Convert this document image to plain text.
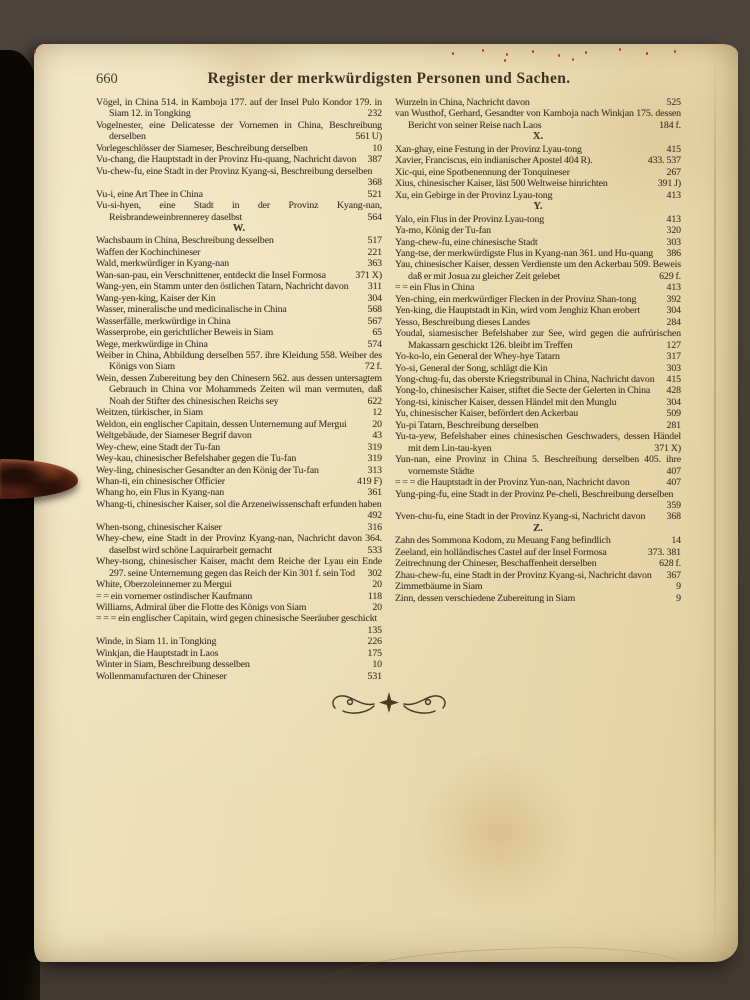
660	Register der merkwürdigsten Personen und Sachen.
Vögel, in China 514. in Kamboja 177. auf der Insel Pulo Kondor 179. in Siam 12. in Tongking	232
Vogelnester, eine Delicatesse der Vornemen in China, Beschreibung derselben	561 U)
Vorlegeschlösser der Siameser, Beschreibung derselben	10
Vu-chang, die Hauptstadt in der Provinz Hu-quang, Nachricht davon	387
Vu-chew-fu, eine Stadt in der Provinz Kyang-si, Beschreibung derselben
368
Vu-i, eine Art Thee in China	521
Vu-si-hyen, eine Stadt in der Provinz Kyang-nan, Reisbrandeweinbrennerey daselbst	564
W.
Wachsbaum in China, Beschreibung desselben	517
Waffen der Kochinchineser	221
Wald, merkwürdiger in Kyang-nan	363
Wan-san-pau, ein Verschnittener, entdeckt die Insel Formosa	371 X)
Wang-yen, ein Stamm unter den östlichen Tatarn, Nachricht davon	311
Wang-yen-king, Kaiser der Kin	304
Wasser, mineralische und medicinalische in China	568
Wasserfälle, merkwürdige in China	567
Wasserprobe, ein gerichtlicher Beweis in Siam	65
Wege, merkwürdige in China	574
Weiber in China, Abbildung derselben 557. ihre Kleidung 558. Weiber des Königs von Siam	72 f.
Wein, dessen Zubereitung bey den Chinesern 562. aus dessen untersagtem Gebrauch in China vor Mohammeds Zeiten wil man vermuten, daß Noah der Stifter des chinesischen Reichs sey	622
Weitzen, türkischer, in Siam	12
Weldon, ein englischer Capitain, dessen Unternemung auf Mergui	20
Weltgebäude, der Siameser Begrif davon	43
Wey-chew, eine Stadt der Tu-fan	319
Wey-kau, chinesischer Befelshaber gegen die Tu-fan	319
Wey-ling, chinesischer Gesandter an den König der Tu-fan	313
Whan-ti, ein chinesischer Officier	419 F)
Whang ho, ein Flus in Kyang-nan	361
Whang-ti, chinesischer Kaiser, sol die Arzeneiwissenschaft erfunden haben
492
When-tsong, chinesischer Kaiser	316
Whey-chew, eine Stadt in der Provinz Kyang-nan, Nachricht davon 364. daselbst wird schöne Laquirarbeit gemacht	533
Whey-tsong, chinesischer Kaiser, macht dem Reiche der Lyau ein Ende 297. seine Unternemung gegen das Reich der Kin 301 f. sein Tod	302
White, Oberzoleinnemer zu Mergui	20
= = ein vornemer ostindischer Kaufmann	118
Williams, Admiral über die Flotte des Königs von Siam	20
= = = ein englischer Capitain, wird gegen chinesische Seeräuber geschickt
135
Winde, in Siam 11. in Tongking	226
Winkjan, die Hauptstadt in Laos	175
Winter in Siam, Beschreibung desselben	10
Wollenmanufacturen der Chineser	531
Wurzeln in China, Nachricht davon	525
van Wusthof, Gerhard, Gesandter von Kamboja nach Winkjan 175. dessen Bericht von seiner Reise nach Laos	184 f.
X.
Xan-ghay, eine Festung in der Provinz Lyau-tong	415
Xavier, Franciscus, ein indianischer Apostel 404 R).	433. 537
Xic-qui, eine Spotbenennung der Tonquineser	267
Xius, chinesischer Kaiser, läst 500 Weltweise hinrichten	391 J)
Xu, ein Gebirge in der Provinz Lyau-tong	413
Y.
Yalo, ein Flus in der Provinz Lyau-tong	413
Ya-mo, König der Tu-fan	320
Yang-chew-fu, eine chinesische Stadt	303
Yang-tse, der merkwürdigste Flus in Kyang-nan 361. und Hu-quang	386
Yau, chinesischer Kaiser, dessen Verdienste um den Ackerbau 509. Beweis daß er mit Josua zu gleicher Zeit gelebet	629 f.
= = ein Flus in China	413
Yen-ching, ein merkwürdiger Flecken in der Provinz Shan-tong	392
Yen-king, die Hauptstadt in Kin, wird vom Jenghiz Khan erobert	304
Yesso, Beschreibung dieses Landes	284
Youdal, siamesischer Befelshaber zur See, wird gegen die aufrürischen Makassarn geschickt 126. bleibt im Treffen	127
Yo-ko-lo, ein General der Whey-hye Tatarn	317
Yo-si, General der Song, schlägt die Kin	303
Yong-chug-fu, das oberste Kriegstribunal in China, Nachricht davon	415
Yong-lo, chinesischer Kaiser, stiftet die Secte der Gelerten in China	428
Yong-tsi, kinischer Kaiser, dessen Händel mit den Munglu	304
Yu, chinesischer Kaiser, befördert den Ackerbau	509
Yu-pi Tatarn, Beschreibung derselben	281
Yu-ta-yew, Befelshaber eines chinesischen Geschwaders, dessen Händel mit dem Lin-tau-kyen	371 X)
Yun-nan, eine Provinz in China 5. Beschreibung derselben 405. ihre vornemste Städte	407
= = = die Hauptstadt in der Provinz Yun-nan, Nachricht davon	407
Yung-ping-fu, eine Stadt in der Provinz Pe-cheli, Beschreibung derselben
359
Yven-chu-fu, eine Stadt in der Provinz Kyang-si, Nachricht davon	368
Z.
Zahn des Sommona Kodom, zu Meuang Fang befindlich	14
Zeeland, ein holländisches Castel auf der Insel Formosa	373. 381
Zeitrechnung der Chineser, Beschaffenheit derselben	628 f.
Zhau-chew-fu, eine Stadt in der Provinz Kyang-si, Nachricht davon	367
Zimmetbäume in Siam	9
Zinn, dessen verschiedene Zubereitung in Siam	9
